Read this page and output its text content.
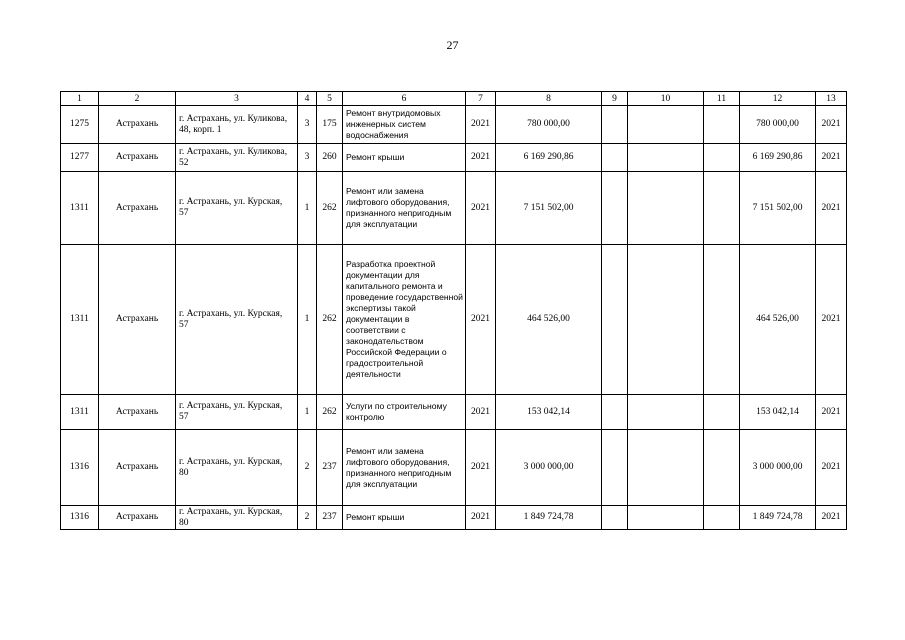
27
1	2	3	4	5	6	7	8	9	10	11	12	13
1275	Астрахань	г. Астрахань, ул. Куликова, 48, корп. 1	3	175	Ремонт внутридомовых инженерных систем водоснабжения	2021	780 000,00				780 000,00	2021
1277	Астрахань	г. Астрахань, ул. Куликова, 52	3	260	Ремонт крыши	2021	6 169 290,86				6 169 290,86	2021
1311	Астрахань	г. Астрахань, ул. Курская, 57	1	262	Ремонт или замена лифтового оборудования, признанного непригодным для эксплуатации	2021	7 151 502,00				7 151 502,00	2021
1311	Астрахань	г. Астрахань, ул. Курская, 57	1	262	Разработка проектной документации для капитального ремонта и проведение государственной экспертизы такой документации в соответствии с законодательством Российской Федерации о градостроительной деятельности	2021	464 526,00				464 526,00	2021
1311	Астрахань	г. Астрахань, ул. Курская, 57	1	262	Услуги по строительному контролю	2021	153 042,14				153 042,14	2021
1316	Астрахань	г. Астрахань, ул. Курская, 80	2	237	Ремонт или замена лифтового оборудования, признанного непригодным для эксплуатации	2021	3 000 000,00				3 000 000,00	2021
1316	Астрахань	г. Астрахань, ул. Курская, 80	2	237	Ремонт крыши	2021	1 849 724,78				1 849 724,78	2021
